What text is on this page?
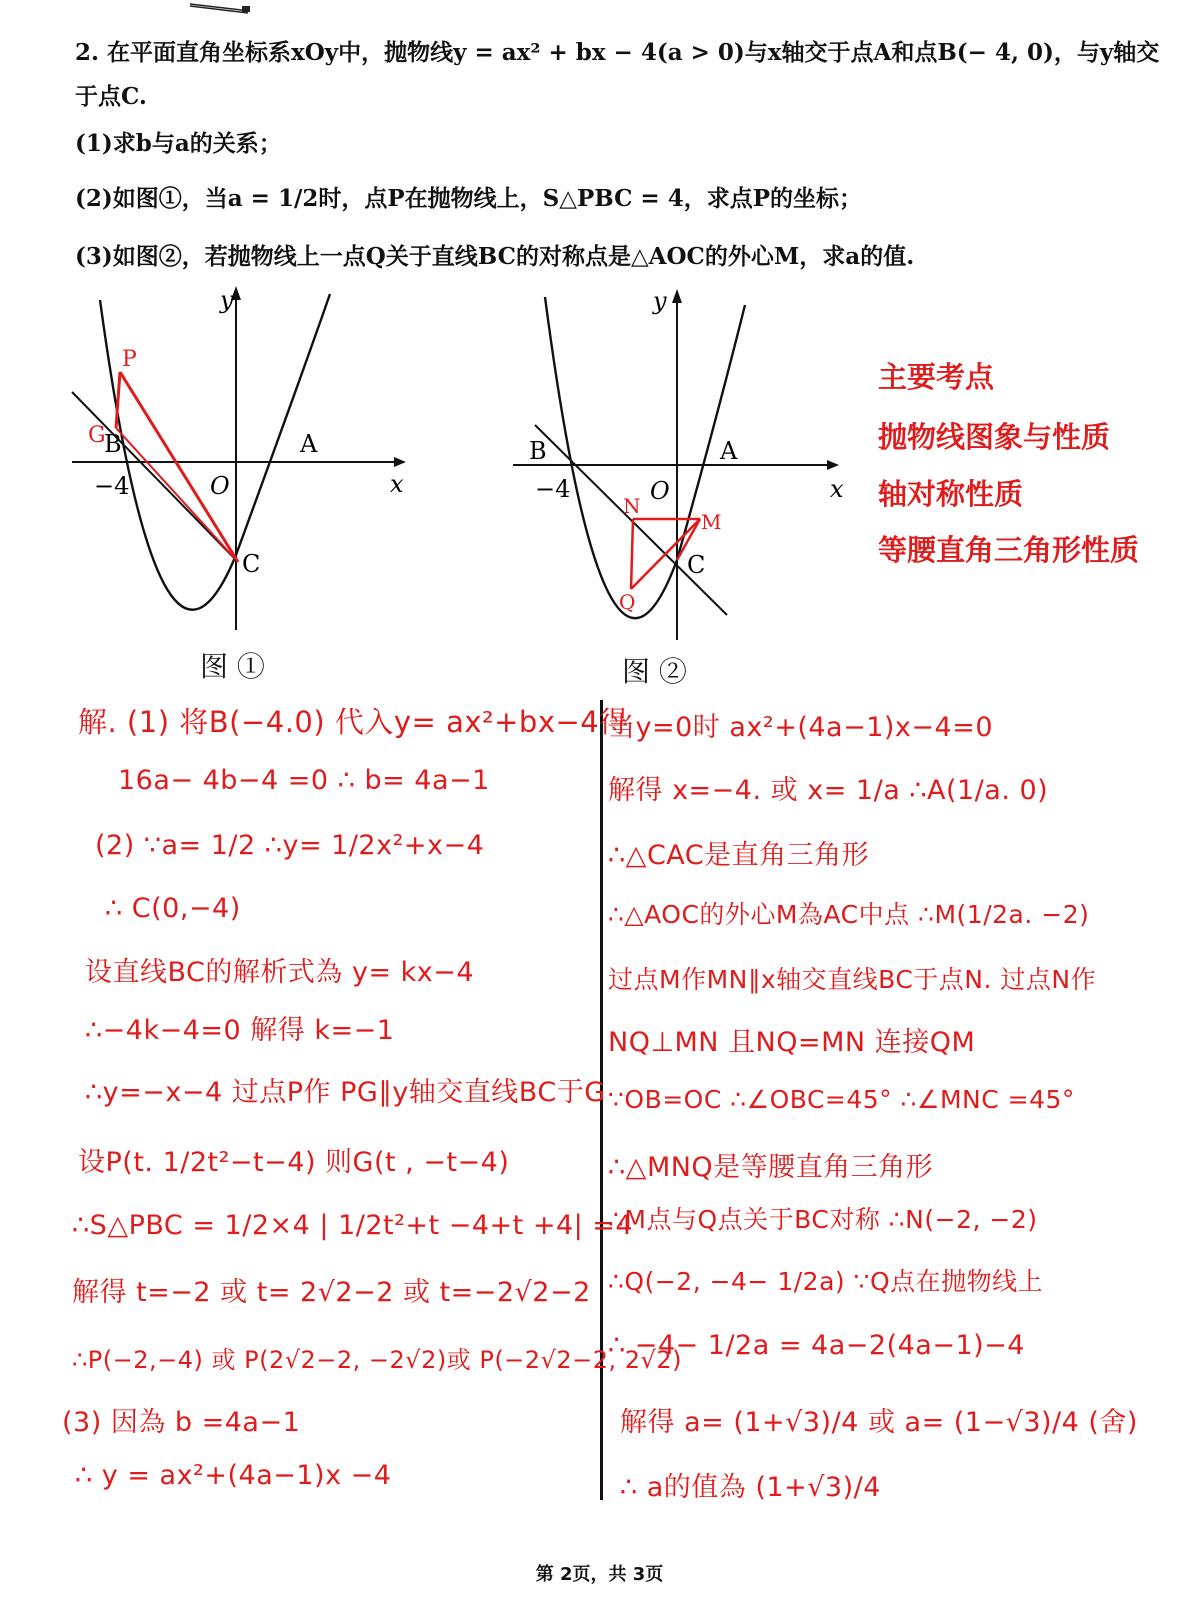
2. 在平面直角坐标系xOy中，抛物线y = ax² + bx − 4(a > 0)与x轴交于点A和点B(− 4, 0)，与y轴交
于点C.
(1)求b与a的关系；
(2)如图①，当a = 1/2时，点P在抛物线上，S△PBC = 4，求点P的坐标；
(3)如图②，若抛物线上一点Q关于直线BC的对称点是△AOC的外心M，求a的值.
y
x
O
A
B
C
−4
P
G
图 ①
y
x
O
A
B
C
−4
N
M
Q
图 ②
主要考点
抛物线图象与性质
轴对称性质
等腰直角三角形性质
解. (1) 将B(−4.0) 代入y= ax²+bx−4得
16a− 4b−4 =0 ∴ b= 4a−1
(2) ∵a= 1/2 ∴y= 1/2x²+x−4
∴ C(0,−4)
设直线BC的解析式為 y= kx−4
∴−4k−4=0 解得 k=−1
∴y=−x−4 过点P作 PG∥y轴交直线BC于G
设P(t. 1/2t²−t−4) 则G(t , −t−4)
∴S△PBC = 1/2×4 | 1/2t²+t −4+t +4| =4
解得 t=−2 或 t= 2√2−2 或 t=−2√2−2
∴P(−2,−4) 或 P(2√2−2, −2√2)或 P(−2√2−2, 2√2)
(3) 因為 b =4a−1
∴ y = ax²+(4a−1)x −4
当y=0时 ax²+(4a−1)x−4=0
解得 x=−4. 或 x= 1/a ∴A(1/a. 0)
∴△CAC是直角三角形
∴△AOC的外心M為AC中点 ∴M(1/2a. −2)
过点M作MN∥x轴交直线BC于点N. 过点N作
NQ⊥MN 且NQ=MN 连接QM
∵OB=OC ∴∠OBC=45° ∴∠MNC =45°
∴△MNQ是等腰直角三角形
∴M点与Q点关于BC对称 ∴N(−2, −2)
∴Q(−2, −4− 1/2a) ∵Q点在抛物线上
∴ −4− 1/2a = 4a−2(4a−1)−4
解得 a= (1+√3)/4 或 a= (1−√3)/4 (舍)
∴ a的值為 (1+√3)/4
第 2页，共 3页
